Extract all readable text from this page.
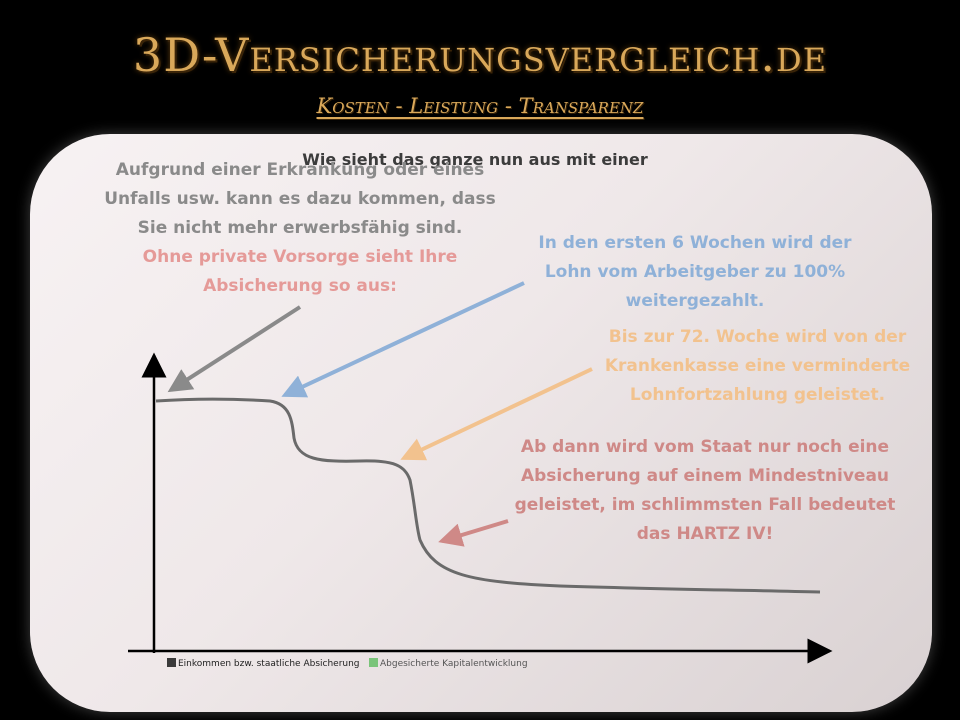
3D-Versicherungsvergleich.de
Kosten - Leistung - Transparenz
Wie sieht das ganze nun aus mit einer
Aufgrund einer Erkrankung oder eines
Unfalls usw. kann es dazu kommen, dass
Sie nicht mehr erwerbsfähig sind.
Ohne private Vorsorge sieht Ihre
Absicherung so aus:
In den ersten 6 Wochen wird der
Lohn vom Arbeitgeber zu 100%
weitergezahlt.
Bis zur 72. Woche wird von der
Krankenkasse eine verminderte
Lohnfortzahlung geleistet.
Ab dann wird vom Staat nur noch eine
Absicherung auf einem Mindestniveau
geleistet, im schlimmsten Fall bedeutet
das HARTZ IV!
Einkommen bzw. staatliche Absicherung	Abgesicherte Kapitalentwicklung
